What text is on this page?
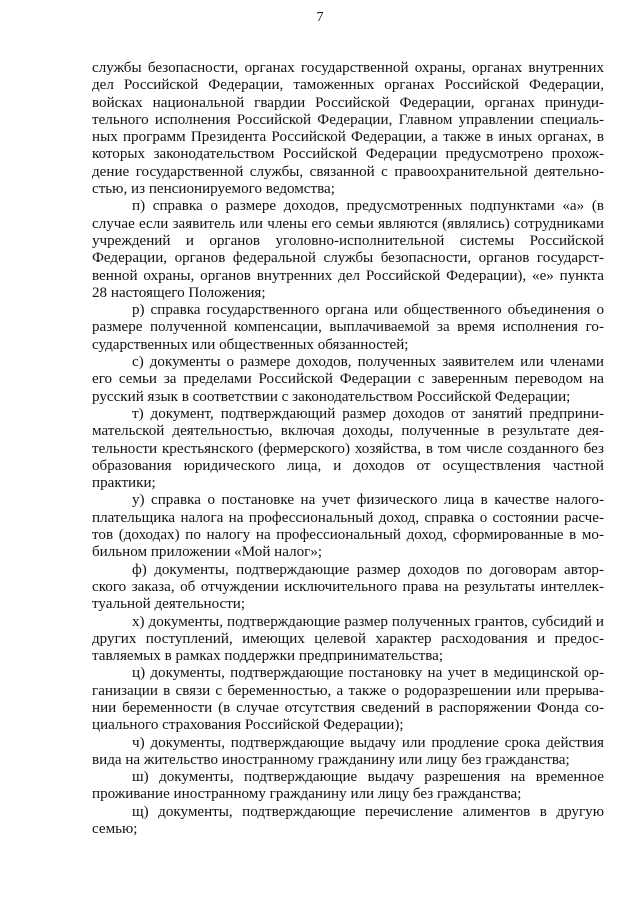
7

службы безопасности, органах государственной охраны, органах внутренних дел Российской Федерации, таможенных органах Российской Федерации, войсках национальной гвардии Российской Федерации, органах принудительного исполнения Российской Федерации, Главном управлении специальных программ Президента Российской Федерации, а также в иных органах, в которых законодательством Российской Федерации предусмотрено прохождение государственной службы, связанной с правоохранительной деятельностью, из пенсионируемого ведомства;

п) справка о размере доходов, предусмотренных подпунктами «а» (в случае если заявитель или члены его семьи являются (являлись) сотрудниками учреждений и органов уголовно-исполнительной системы Российской Федерации, органов федеральной службы безопасности, органов государственной охраны, органов внутренних дел Российской Федерации), «е» пункта 28 настоящего Положения;

р) справка государственного органа или общественного объединения о размере полученной компенсации, выплачиваемой за время исполнения государственных или общественных обязанностей;

с) документы о размере доходов, полученных заявителем или членами его семьи за пределами Российской Федерации с заверенным переводом на русский язык в соответствии с законодательством Российской Федерации;

т) документ, подтверждающий размер доходов от занятий предпринимательской деятельностью, включая доходы, полученные в результате деятельности крестьянского (фермерского) хозяйства, в том числе созданного без образования юридического лица, и доходов от осуществления частной практики;

у) справка о постановке на учет физического лица в качестве налогоплательщика налога на профессиональный доход, справка о состоянии расчетов (доходах) по налогу на профессиональный доход, сформированные в мобильном приложении «Мой налог»;

ф) документы, подтверждающие размер доходов по договорам авторского заказа, об отчуждении исключительного права на результаты интеллектуальной деятельности;

х) документы, подтверждающие размер полученных грантов, субсидий и других поступлений, имеющих целевой характер расходования и предоставляемых в рамках поддержки предпринимательства;

ц) документы, подтверждающие постановку на учет в медицинской организации в связи с беременностью, а также о родоразрешении или прерывании беременности (в случае отсутствия сведений в распоряжении Фонда социального страхования Российской Федерации);

ч) документы, подтверждающие выдачу или продление срока действия вида на жительство иностранному гражданину или лицу без гражданства;

ш) документы, подтверждающие выдачу разрешения на временное проживание иностранному гражданину или лицу без гражданства;

щ) документы, подтверждающие перечисление алиментов в другую семью;
